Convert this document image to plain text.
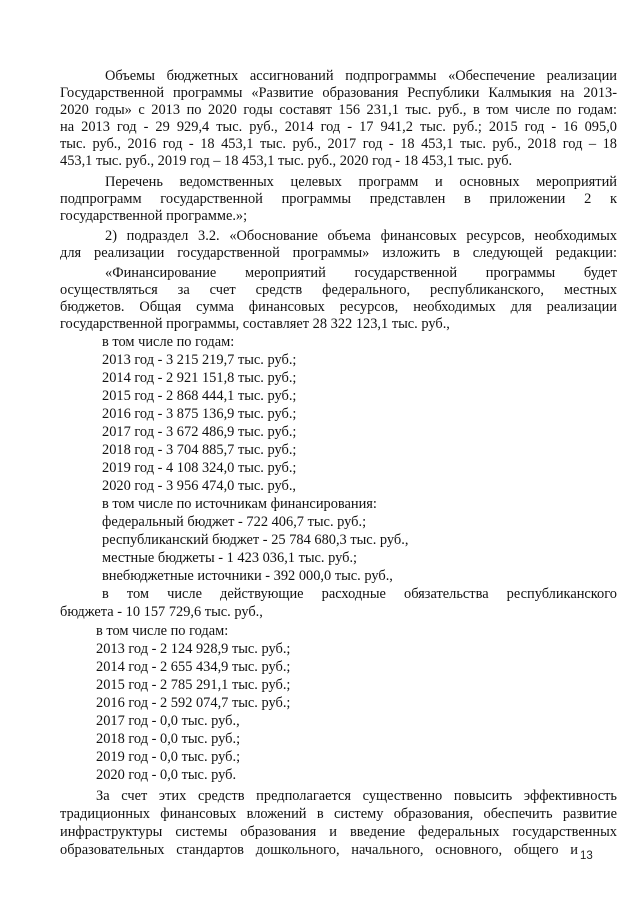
Объемы бюджетных ассигнований подпрограммы «Обеспечение реализации
Государственной программы «Развитие образования Республики Калмыкия на 2013-
2020 годы» с 2013 по 2020 годы составят 156 231,1 тыс. руб., в том числе по годам:
на 2013 год - 29 929,4 тыс. руб., 2014 год - 17 941,2 тыс. руб.; 2015 год - 16 095,0
тыс. руб., 2016 год - 18 453,1 тыс. руб., 2017 год - 18 453,1 тыс. руб., 2018 год – 18
453,1 тыс. руб., 2019 год – 18 453,1 тыс. руб., 2020 год - 18 453,1 тыс. руб.
Перечень ведомственных целевых программ и основных мероприятий
подпрограмм государственной программы представлен в приложении 2 к
государственной программе.»;
2) подраздел 3.2. «Обоснование объема финансовых ресурсов, необходимых
для реализации государственной программы» изложить в следующей редакции:
«Финансирование мероприятий государственной программы будет
осуществляться за счет средств федерального, республиканского, местных
бюджетов. Общая сумма финансовых ресурсов, необходимых для реализации
государственной программы, составляет 28 322 123,1 тыс. руб.,
в том числе по годам:
2013 год - 3 215 219,7 тыс. руб.;
2014 год - 2 921 151,8 тыс. руб.;
2015 год - 2 868 444,1 тыс. руб.;
2016 год - 3 875 136,9 тыс. руб.;
2017 год - 3 672 486,9 тыс. руб.;
2018 год - 3 704 885,7 тыс. руб.;
2019 год - 4 108 324,0 тыс. руб.;
2020 год - 3 956 474,0 тыс. руб.,
в том числе по источникам финансирования:
федеральный бюджет - 722 406,7 тыс. руб.;
республиканский бюджет - 25 784 680,3 тыс. руб.,
местные бюджеты - 1 423 036,1 тыс. руб.;
внебюджетные источники - 392 000,0 тыс. руб.,
в том числе действующие расходные обязательства республиканского
бюджета - 10 157 729,6 тыс. руб.,
в том числе по годам:
2013 год - 2 124 928,9 тыс. руб.;
2014 год - 2 655 434,9 тыс. руб.;
2015 год - 2 785 291,1 тыс. руб.;
2016 год - 2 592 074,7 тыс. руб.;
2017 год - 0,0 тыс. руб.,
2018 год - 0,0 тыс. руб.;
2019 год - 0,0 тыс. руб.;
2020 год - 0,0 тыс. руб.
За счет этих средств предполагается существенно повысить эффективность
традиционных финансовых вложений в систему образования, обеспечить развитие
инфраструктуры системы образования и введение федеральных государственных
образовательных стандартов дошкольного, начального, основного, общего и 13
